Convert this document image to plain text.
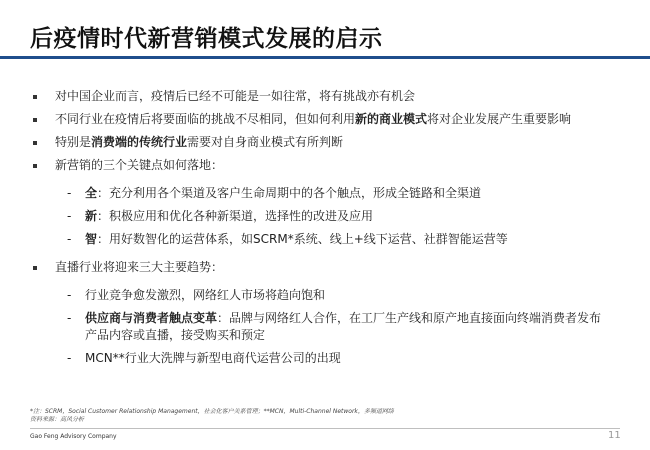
后疫情时代新营销模式发展的启示
对中国企业而言，疫情后已经不可能是一如往常，将有挑战亦有机会
不同行业在疫情后将要面临的挑战不尽相同，但如何利用新的商业模式将对企业发展产生重要影响
特别是消费端的传统行业需要对自身商业模式有所判断
新营销的三个关键点如何落地：
- 全：充分利用各个渠道及客户生命周期中的各个触点，形成全链路和全渠道
- 新：积极应用和优化各种新渠道，选择性的改进及应用
- 智：用好数智化的运营体系，如SCRM*系统、线上+线下运营、社群智能运营等
直播行业将迎来三大主要趋势：
- 行业竞争愈发激烈，网络红人市场将趋向饱和
- 供应商与消费者触点变革：品牌与网络红人合作，在工厂生产线和原产地直接面向终端消费者发布产品内容或直播，接受购买和预定
- MCN**行业大洗牌与新型电商代运营公司的出现
*注：SCRM，Social Customer Relationship Management，社会化客户关系管理；**MCN，Multi-Channel Network，多频道网络
资料来源：高风分析
Gao Feng Advisory Company	11
